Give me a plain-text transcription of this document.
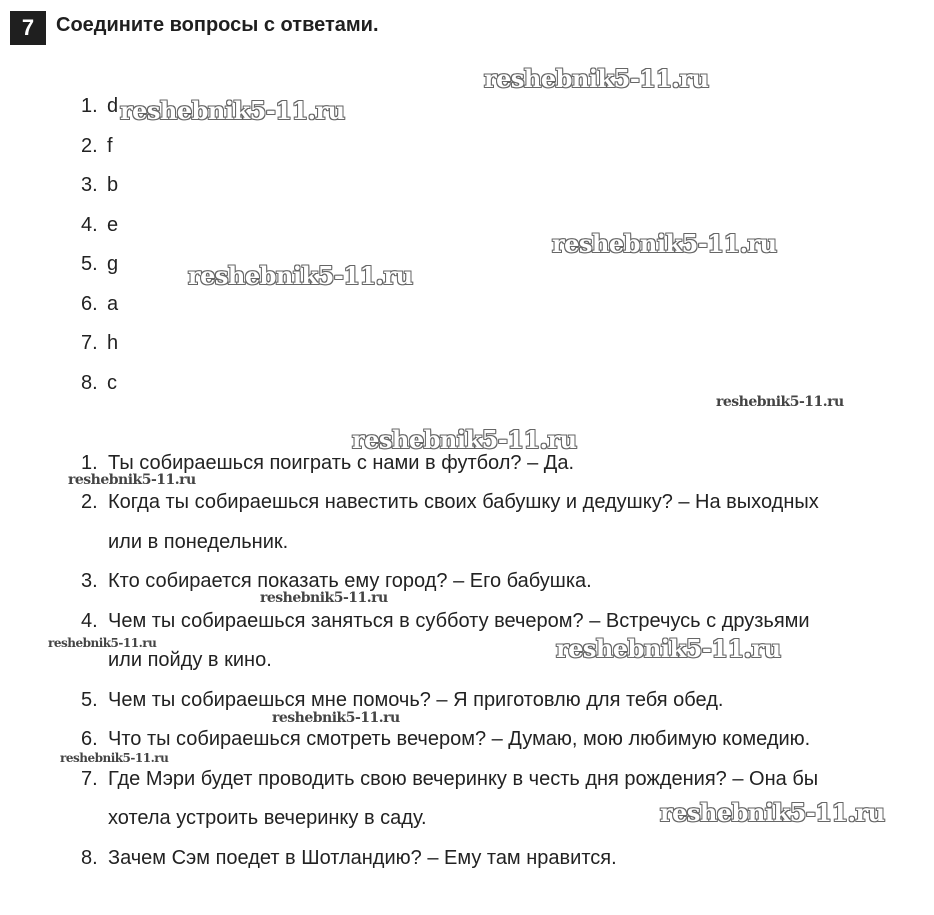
7	Соедините вопросы с ответами.
1. d
2. f
3. b
4. e
5. g
6. a
7. h
8. c
1. Ты собираешься поиграть с нами в футбол? – Да.
2. Когда ты собираешься навестить своих бабушку и дедушку? – На выходных
или в понедельник.
3. Кто собирается показать ему город? – Его бабушка.
4. Чем ты собираешься заняться в субботу вечером? – Встречусь с друзьями
или пойду в кино.
5. Чем ты собираешься мне помочь? – Я приготовлю для тебя обед.
6. Что ты собираешься смотреть вечером? – Думаю, мою любимую комедию.
7. Где Мэри будет проводить свою вечеринку в честь дня рождения? – Она бы
хотела устроить вечеринку в саду.
8. Зачем Сэм поедет в Шотландию? – Ему там нравится.
reshebnik5-11.ru
reshebnik5-11.ru
reshebnik5-11.ru
reshebnik5-11.ru
reshebnik5-11.ru
reshebnik5-11.ru
reshebnik5-11.ru
reshebnik5-11.ru
reshebnik5-11.ru	reshebnik5-11.ru
reshebnik5-11.ru
reshebnik5-11.ru
reshebnik5-11.ru
